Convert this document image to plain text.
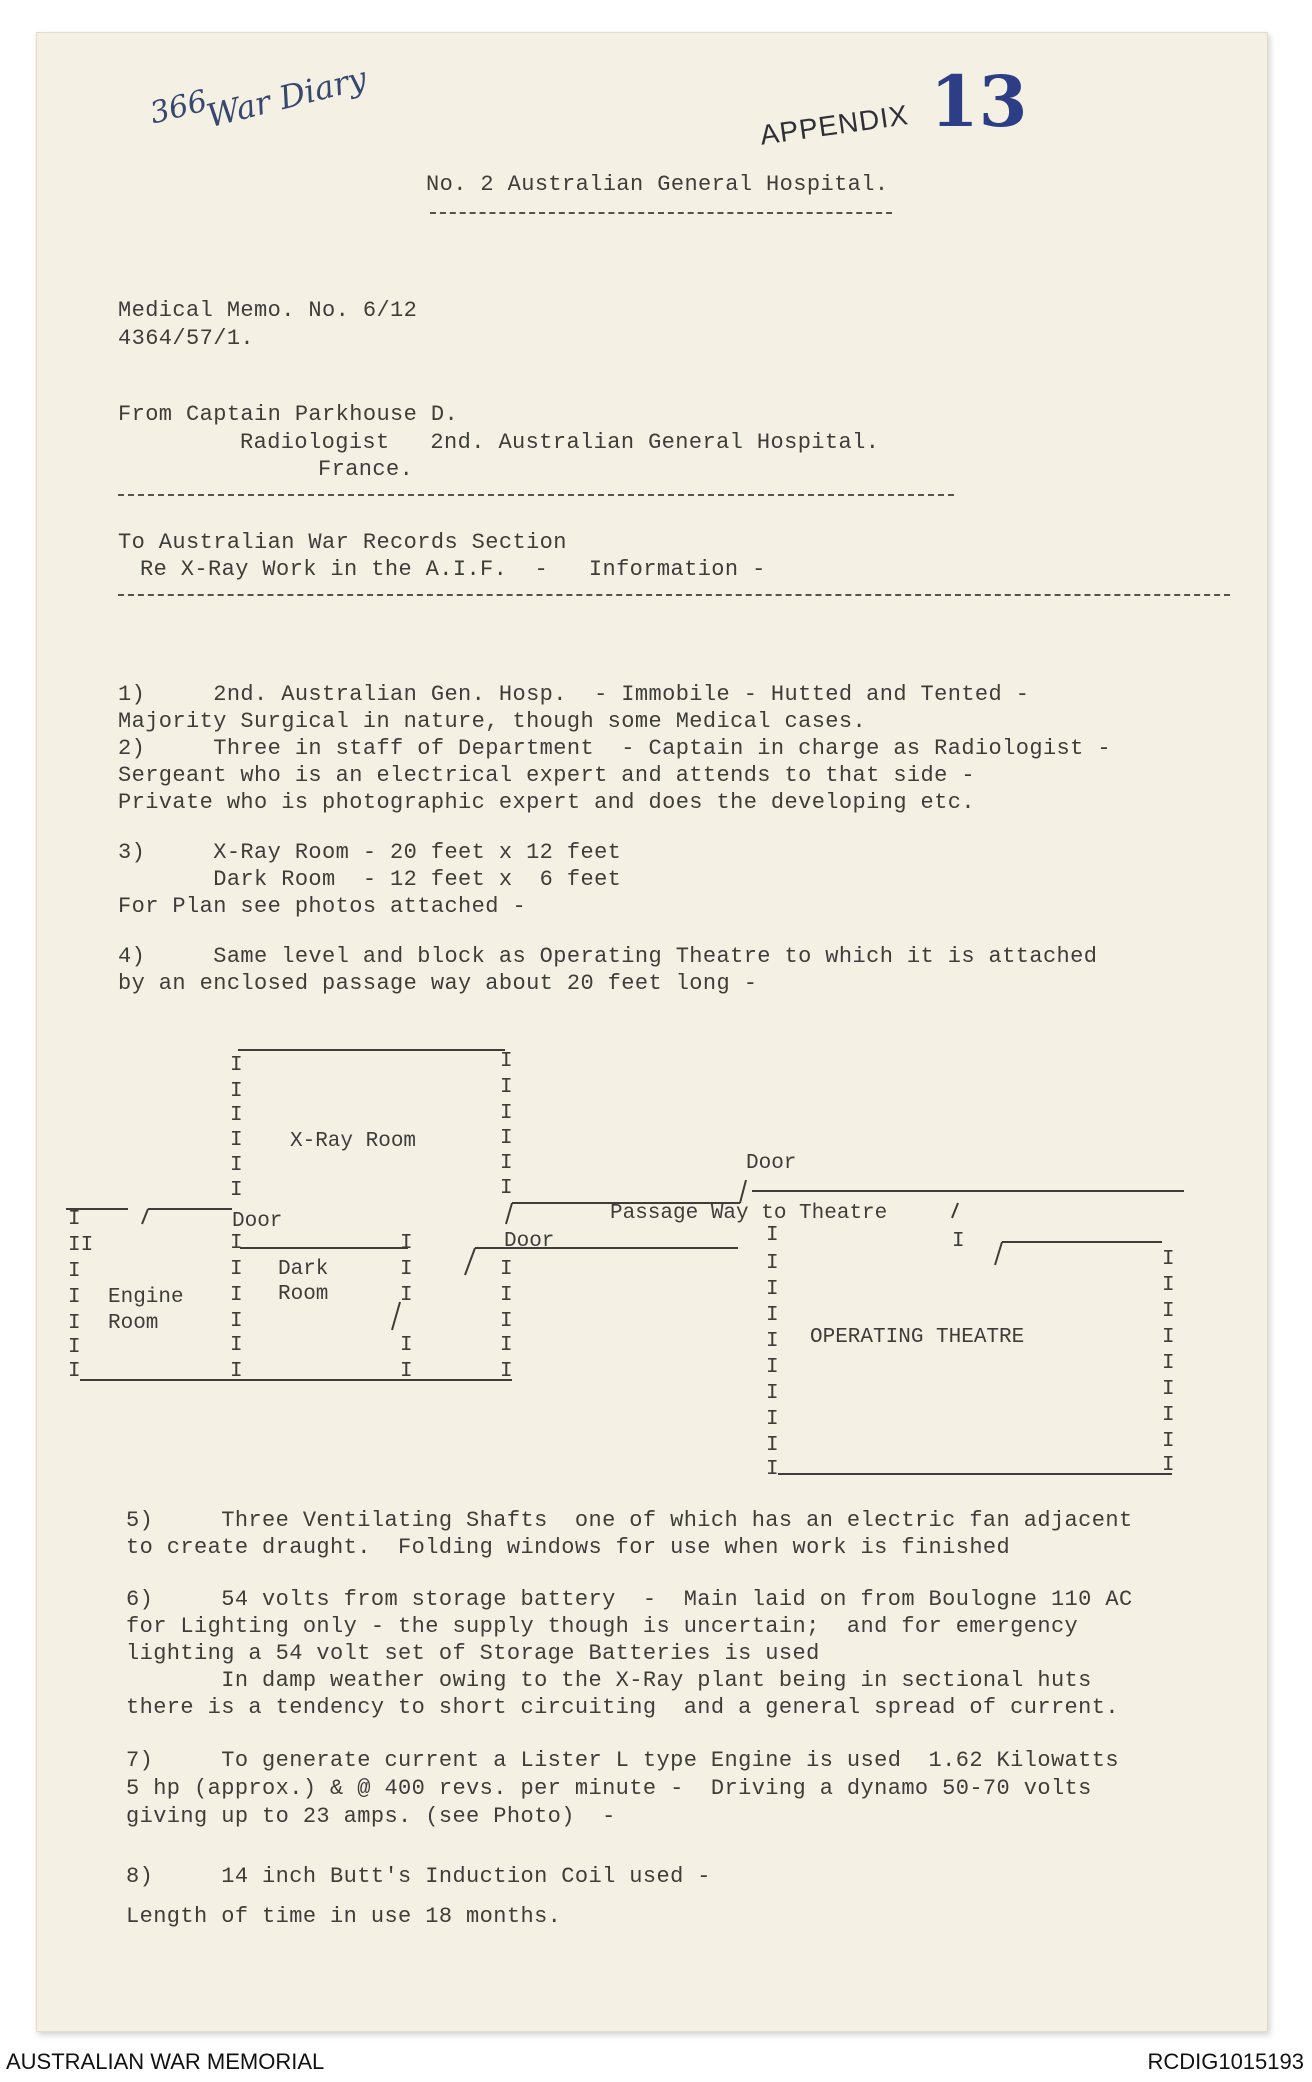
366
War Diary	APPENDIX 13
No. 2 Australian General Hospital.
Medical Memo. No. 6/12
4364/57/1.
From Captain Parkhouse D.
Radiologist   2nd. Australian General Hospital.
France.
To Australian War Records Section
Re X-Ray Work in the A.I.F.  -   Information -
1)     2nd. Australian Gen. Hosp.  - Immobile - Hutted and Tented -
Majority Surgical in nature, though some Medical cases.
2)     Three in staff of Department  - Captain in charge as Radiologist -
Sergeant who is an electrical expert and attends to that side -
Private who is photographic expert and does the developing etc.
3)     X-Ray Room - 20 feet x 12 feet
Dark Room  - 12 feet x  6 feet
For Plan see photos attached -
4)     Same level and block as Operating Theatre to which it is attached
by an enclosed passage way about 20 feet long -
I
I
I
I
I
I
I
I
I
I
I
I
I
I
I
I
I
I
I
I
I
I
I
I
II
I
I
I
I
I
I
I
I
I
I
I
I
I
I
I
I
I
I
I
I
I
I
I
I
I
I
I
I
I
I
X-Ray Room
Door
Dark
Room
Engine
Room
Door
Door
Passage Way to Theatre
OPERATING THEATRE
5)     Three Ventilating Shafts  one of which has an electric fan adjacent
to create draught.  Folding windows for use when work is finished
6)     54 volts from storage battery  -  Main laid on from Boulogne 110 AC
for Lighting only - the supply though is uncertain;  and for emergency
lighting a 54 volt set of Storage Batteries is used
In damp weather owing to the X-Ray plant being in sectional huts
there is a tendency to short circuiting  and a general spread of current.
7)     To generate current a Lister L type Engine is used  1.62 Kilowatts
5 hp (approx.) & @ 400 revs. per minute -  Driving a dynamo 50-70 volts
giving up to 23 amps. (see Photo)  -
8)     14 inch Butt's Induction Coil used -
Length of time in use 18 months.
AUSTRALIAN WAR MEMORIAL	RCDIG1015193
